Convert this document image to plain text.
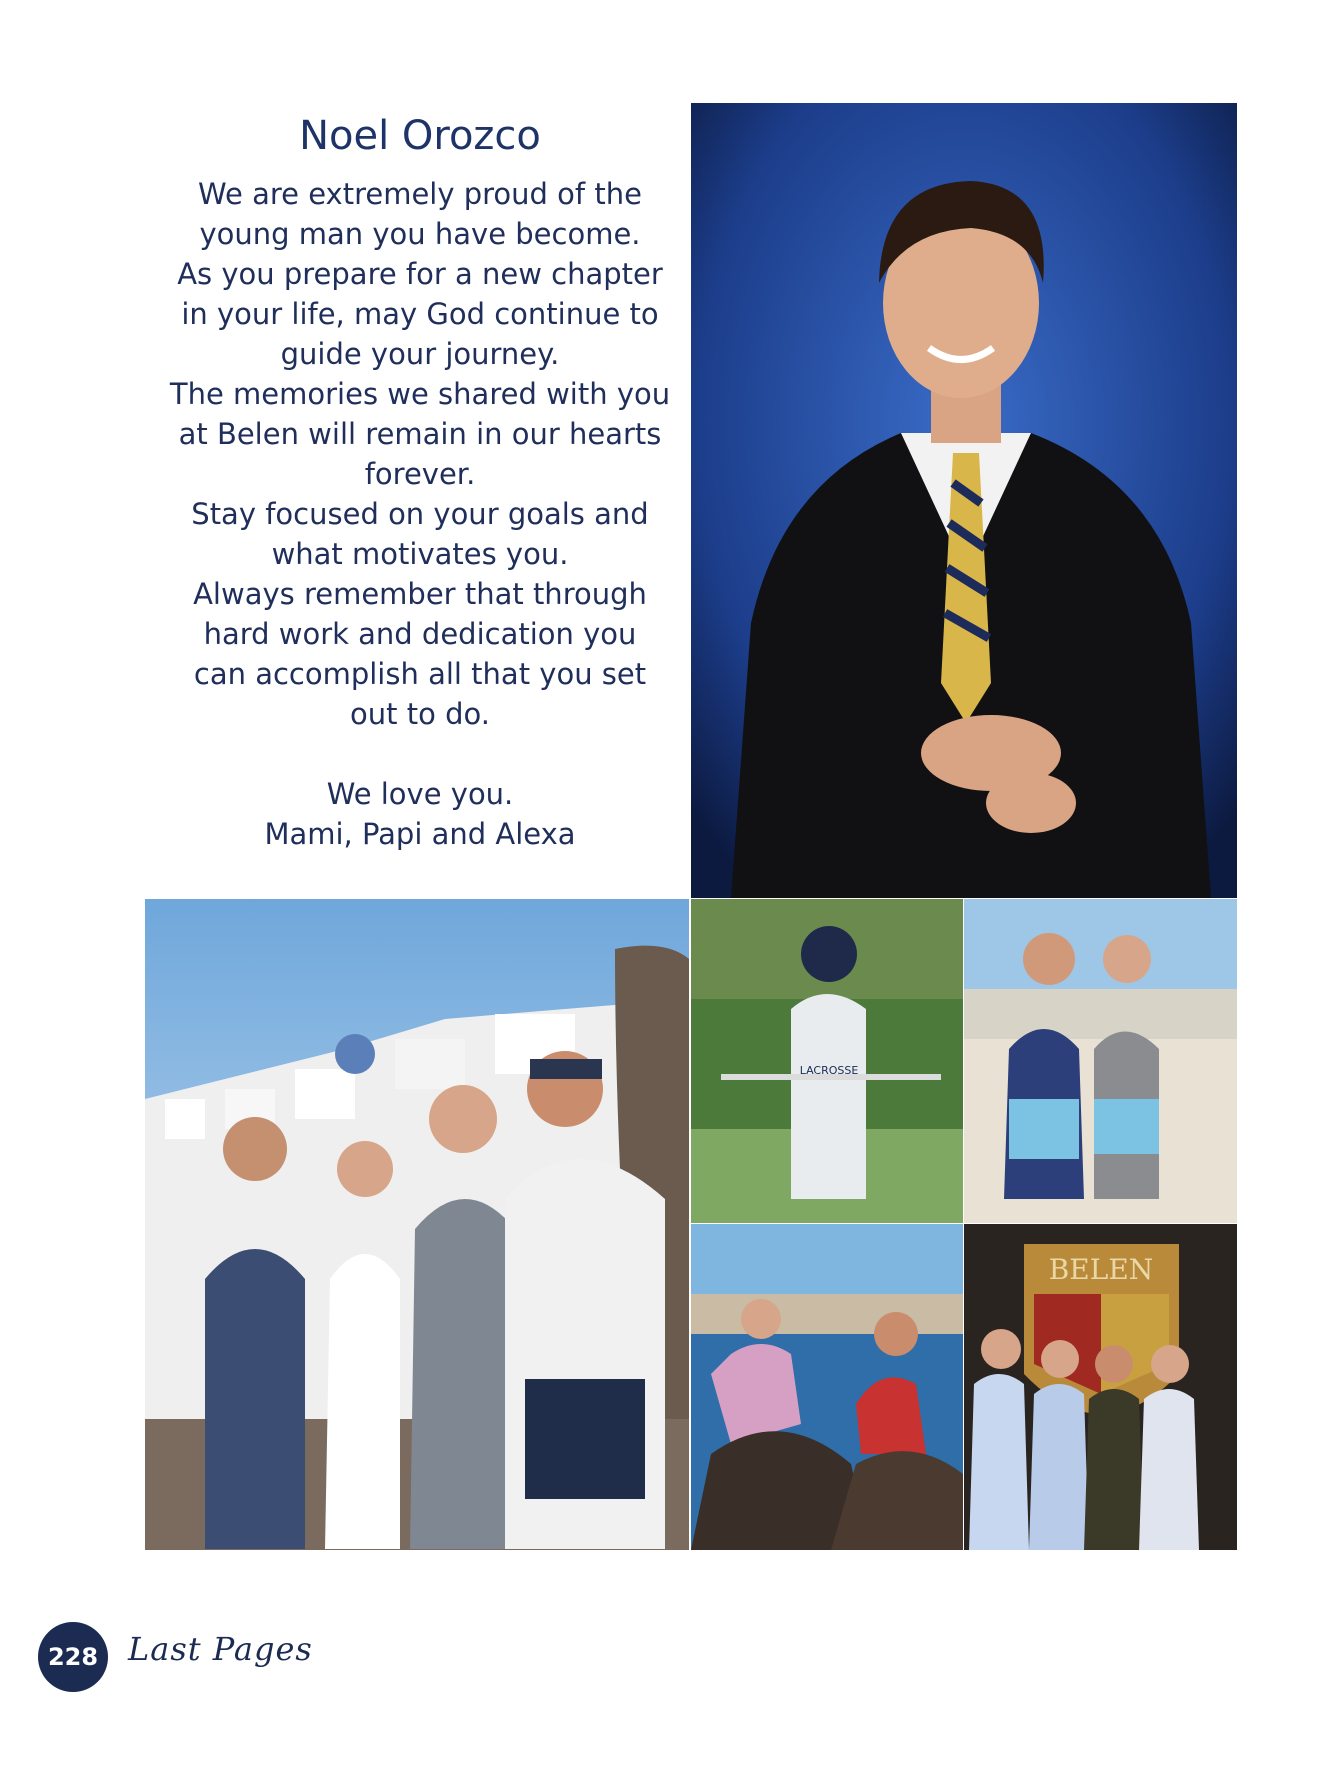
Noel Orozco

We are extremely proud of the

young man you have become.

As you prepare for a new chapter

in your life, may God continue to

guide your journey.

The memories we shared with you

at Belen will remain in our hearts

forever.

Stay focused on your goals and

what motivates you.

Always remember that through

hard work and dedication you

can accomplish all that you set

out to do.

We love you.

Mami, Papi and Alexa

LACROSSE
BELEN
228 Last Pages
